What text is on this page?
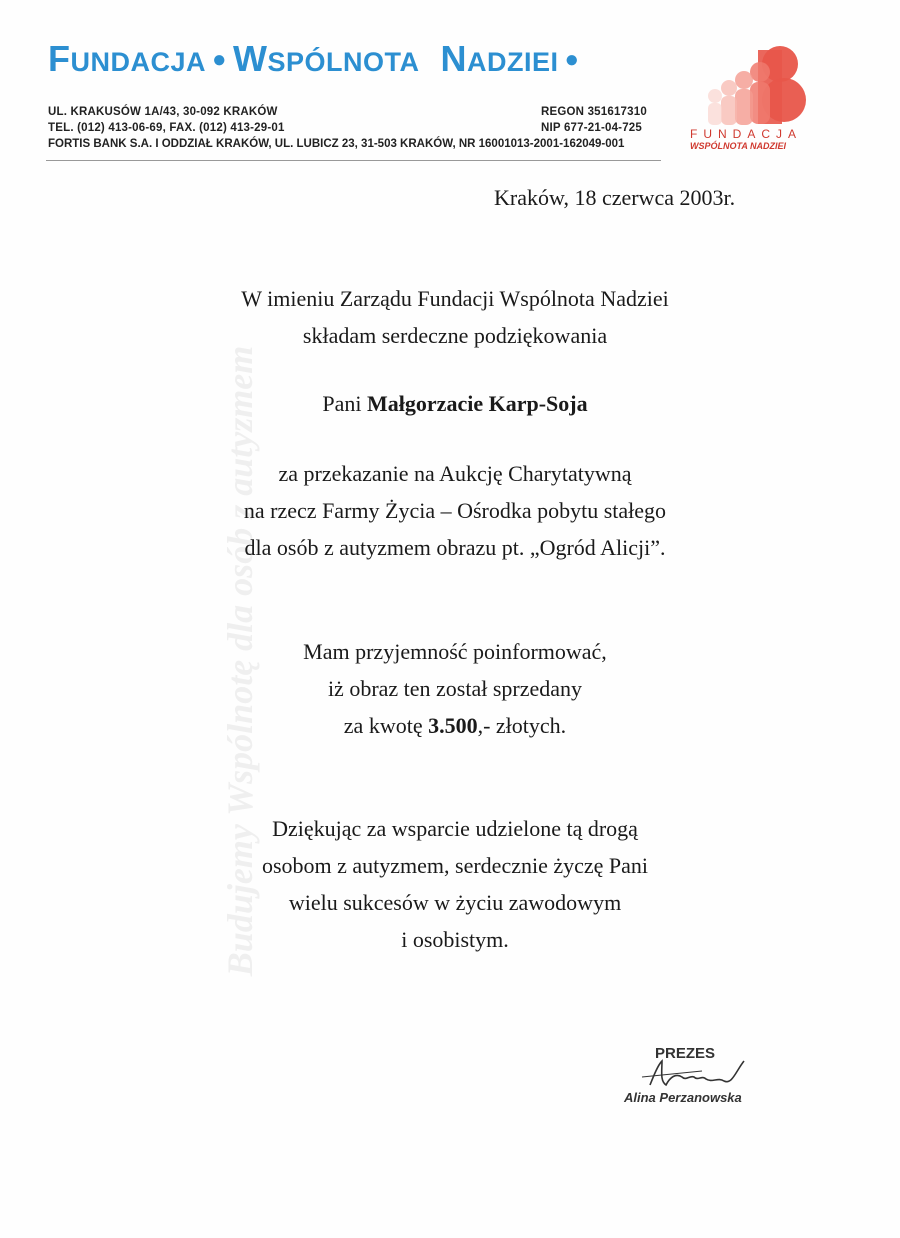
FUNDACJA ● WSPÓLNOTA NADZIEI ●
UL. KRAKUSÓW 1A/43, 30-092 KRAKÓW
TEL. (012) 413-06-69, FAX. (012) 413-29-01
FORTIS BANK S.A. I ODDZIAŁ KRAKÓW, UL. LUBICZ 23, 31-503 KRAKÓW, NR 16001013-2001-162049-001
REGON 351617310
NIP 677-21-04-725	FUNDACJA
WSPÓLNOTA NADZIEI
Budujemy Wspólnotę dla osób z autyzmem
Kraków, 18 czerwca 2003r.
W imieniu Zarządu Fundacji Wspólnota Nadziei
składam serdeczne podziękowania
Pani Małgorzacie Karp-Soja
za przekazanie na Aukcję Charytatywną
na rzecz Farmy Życia – Ośrodka pobytu stałego
dla osób z autyzmem obrazu pt. „Ogród Alicji”.
Mam przyjemność poinformować,
iż obraz ten został sprzedany
za kwotę 3.500,- złotych.
Dziękując za wsparcie udzielone tą drogą
osobom z autyzmem, serdecznie życzę Pani
wielu sukcesów w życiu zawodowym
i osobistym.
PREZES
Alina Perzanowska
